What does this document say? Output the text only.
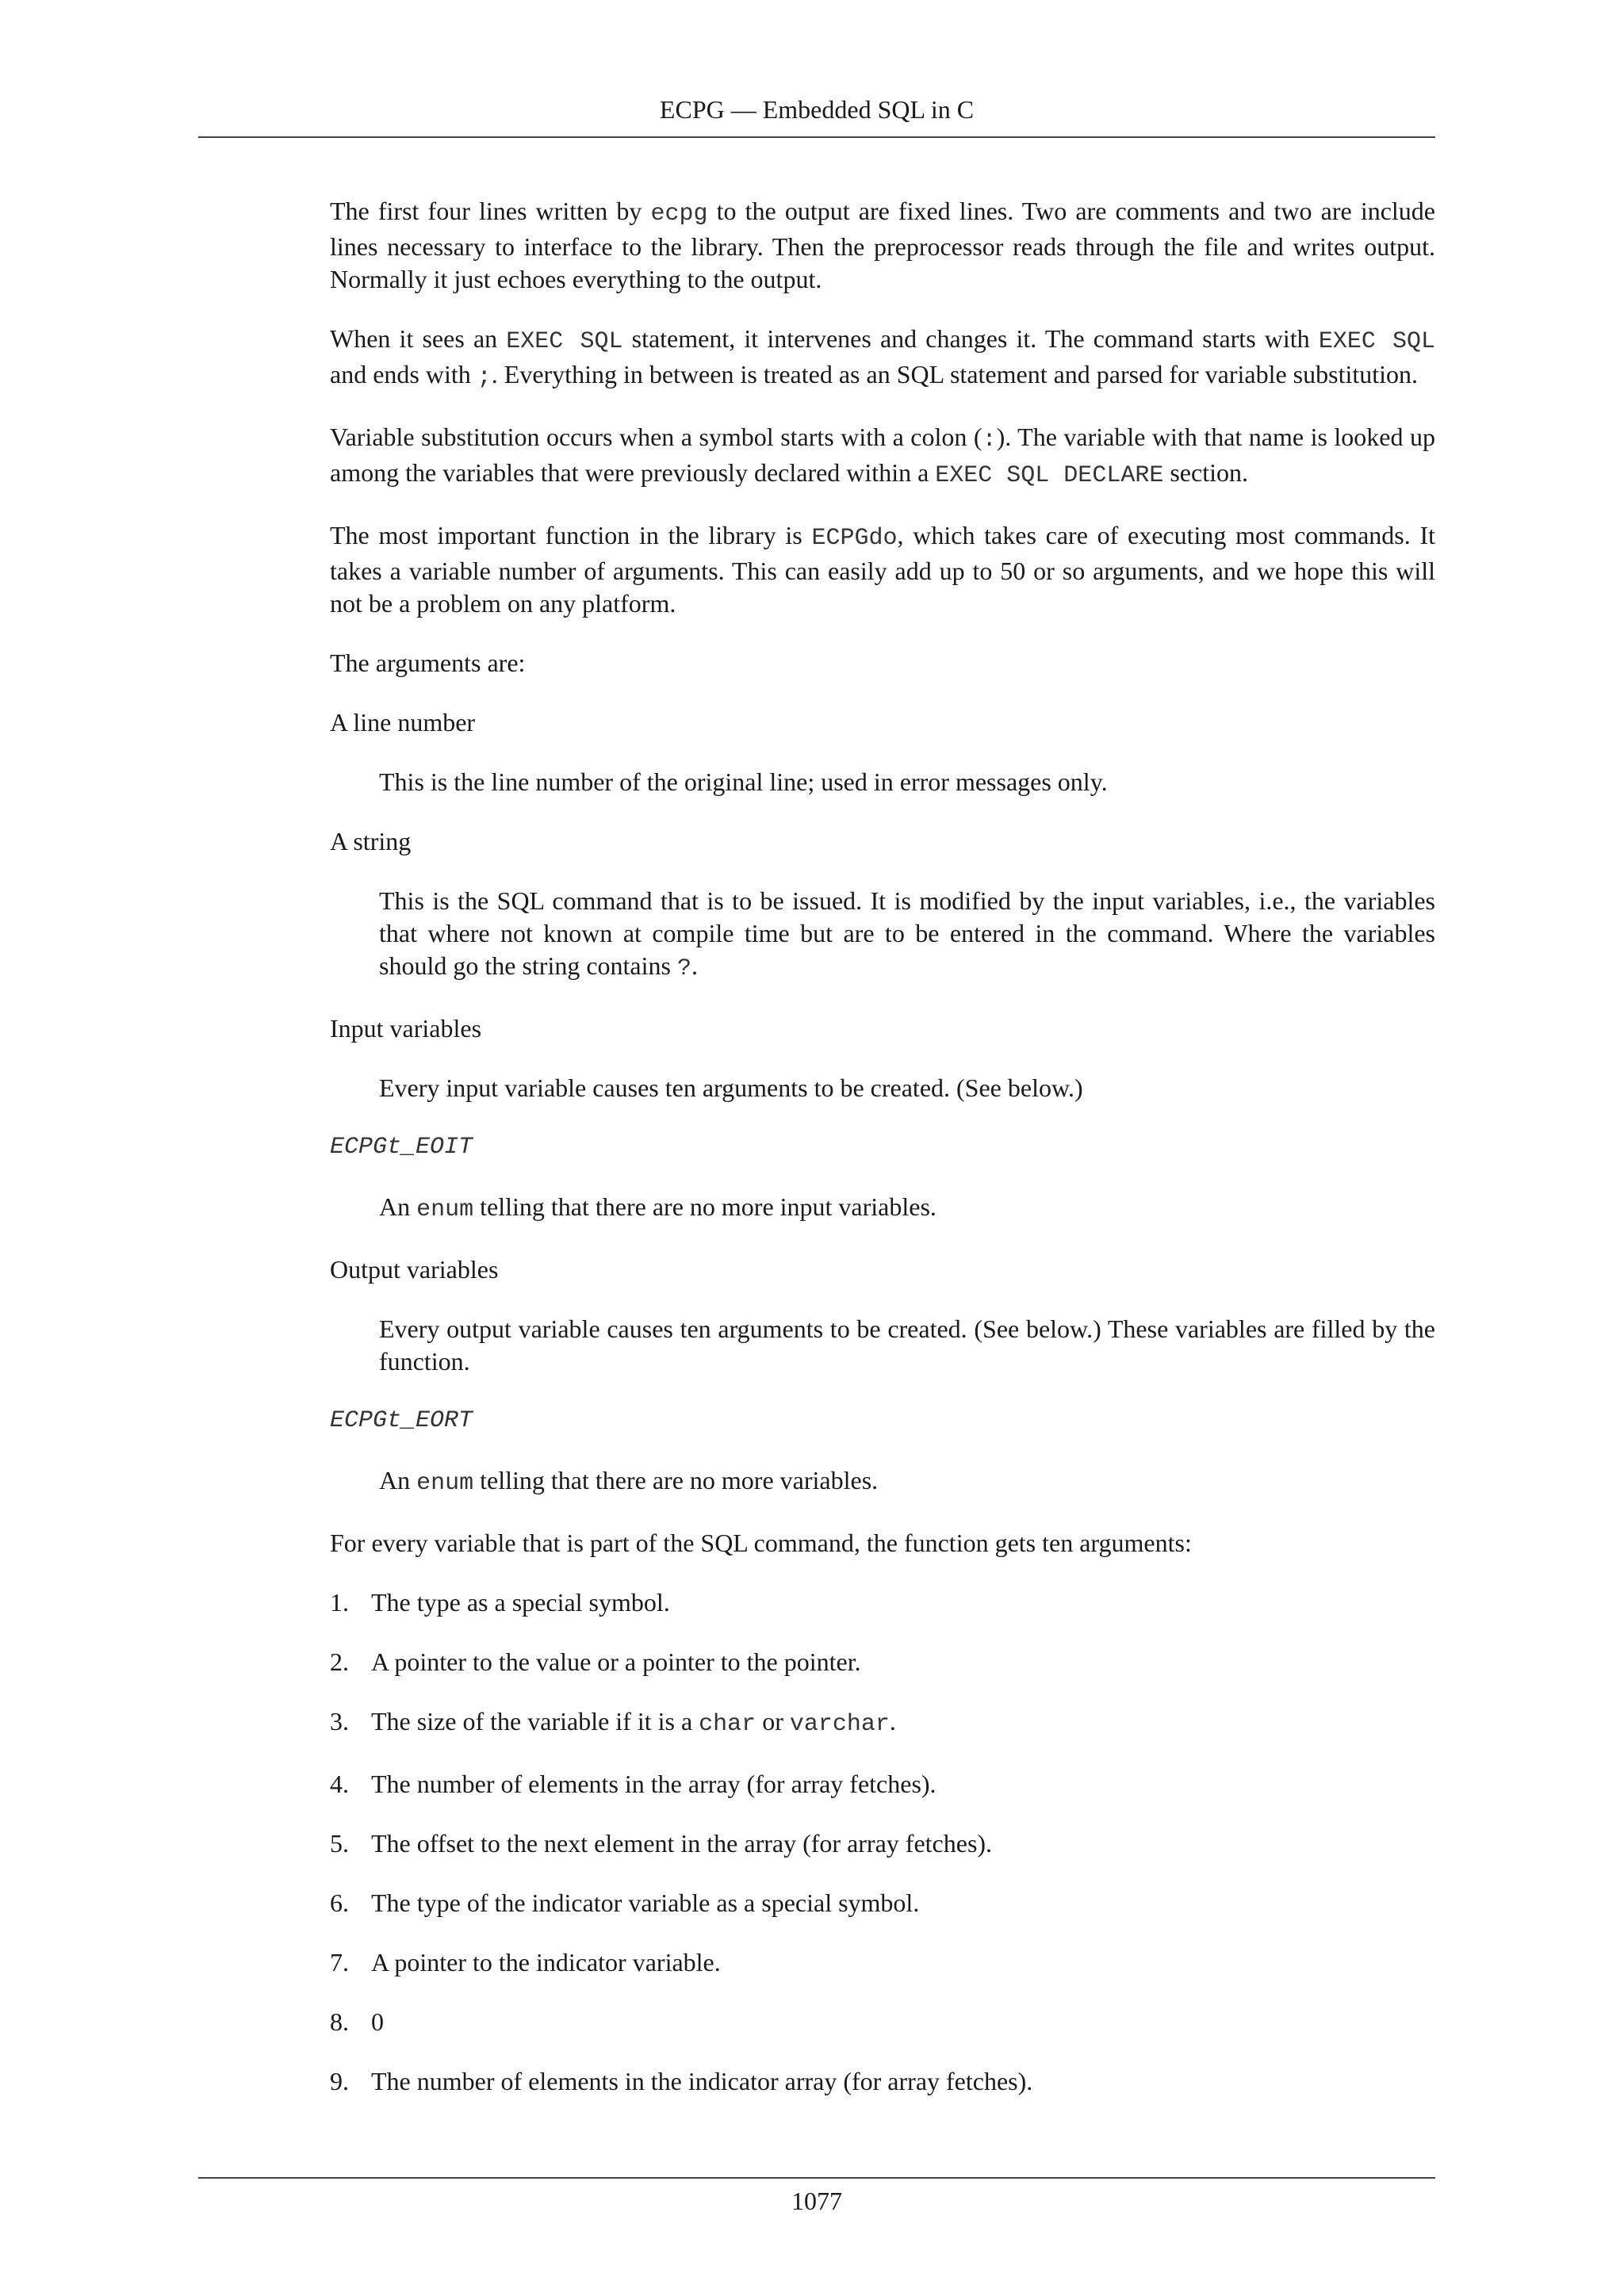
ECPG — Embedded SQL in C

The first four lines written by ecpg to the output are fixed lines. Two are comments and two are include lines necessary to interface to the library. Then the preprocessor reads through the file and writes output. Normally it just echoes everything to the output.

When it sees an EXEC SQL statement, it intervenes and changes it. The command starts with EXEC SQL and ends with ;. Everything in between is treated as an SQL statement and parsed for variable substitution.

Variable substitution occurs when a symbol starts with a colon (:). The variable with that name is looked up among the variables that were previously declared within a EXEC SQL DECLARE section.

The most important function in the library is ECPGdo, which takes care of executing most commands. It takes a variable number of arguments. This can easily add up to 50 or so arguments, and we hope this will not be a problem on any platform.

The arguments are:

A line number
This is the line number of the original line; used in error messages only.
A string
This is the SQL command that is to be issued. It is modified by the input variables, i.e., the variables that where not known at compile time but are to be entered in the command. Where the variables should go the string contains ?.
Input variables
Every input variable causes ten arguments to be created. (See below.)
ECPGt_EOIT
An enum telling that there are no more input variables.
Output variables
Every output variable causes ten arguments to be created. (See below.) These variables are filled by the function.
ECPGt_EORT
An enum telling that there are no more variables.

For every variable that is part of the SQL command, the function gets ten arguments:

1. The type as a special symbol.
2. A pointer to the value or a pointer to the pointer.
3. The size of the variable if it is a char or varchar.
4. The number of elements in the array (for array fetches).
5. The offset to the next element in the array (for array fetches).
6. The type of the indicator variable as a special symbol.
7. A pointer to the indicator variable.
8. 0
9. The number of elements in the indicator array (for array fetches).
1077
